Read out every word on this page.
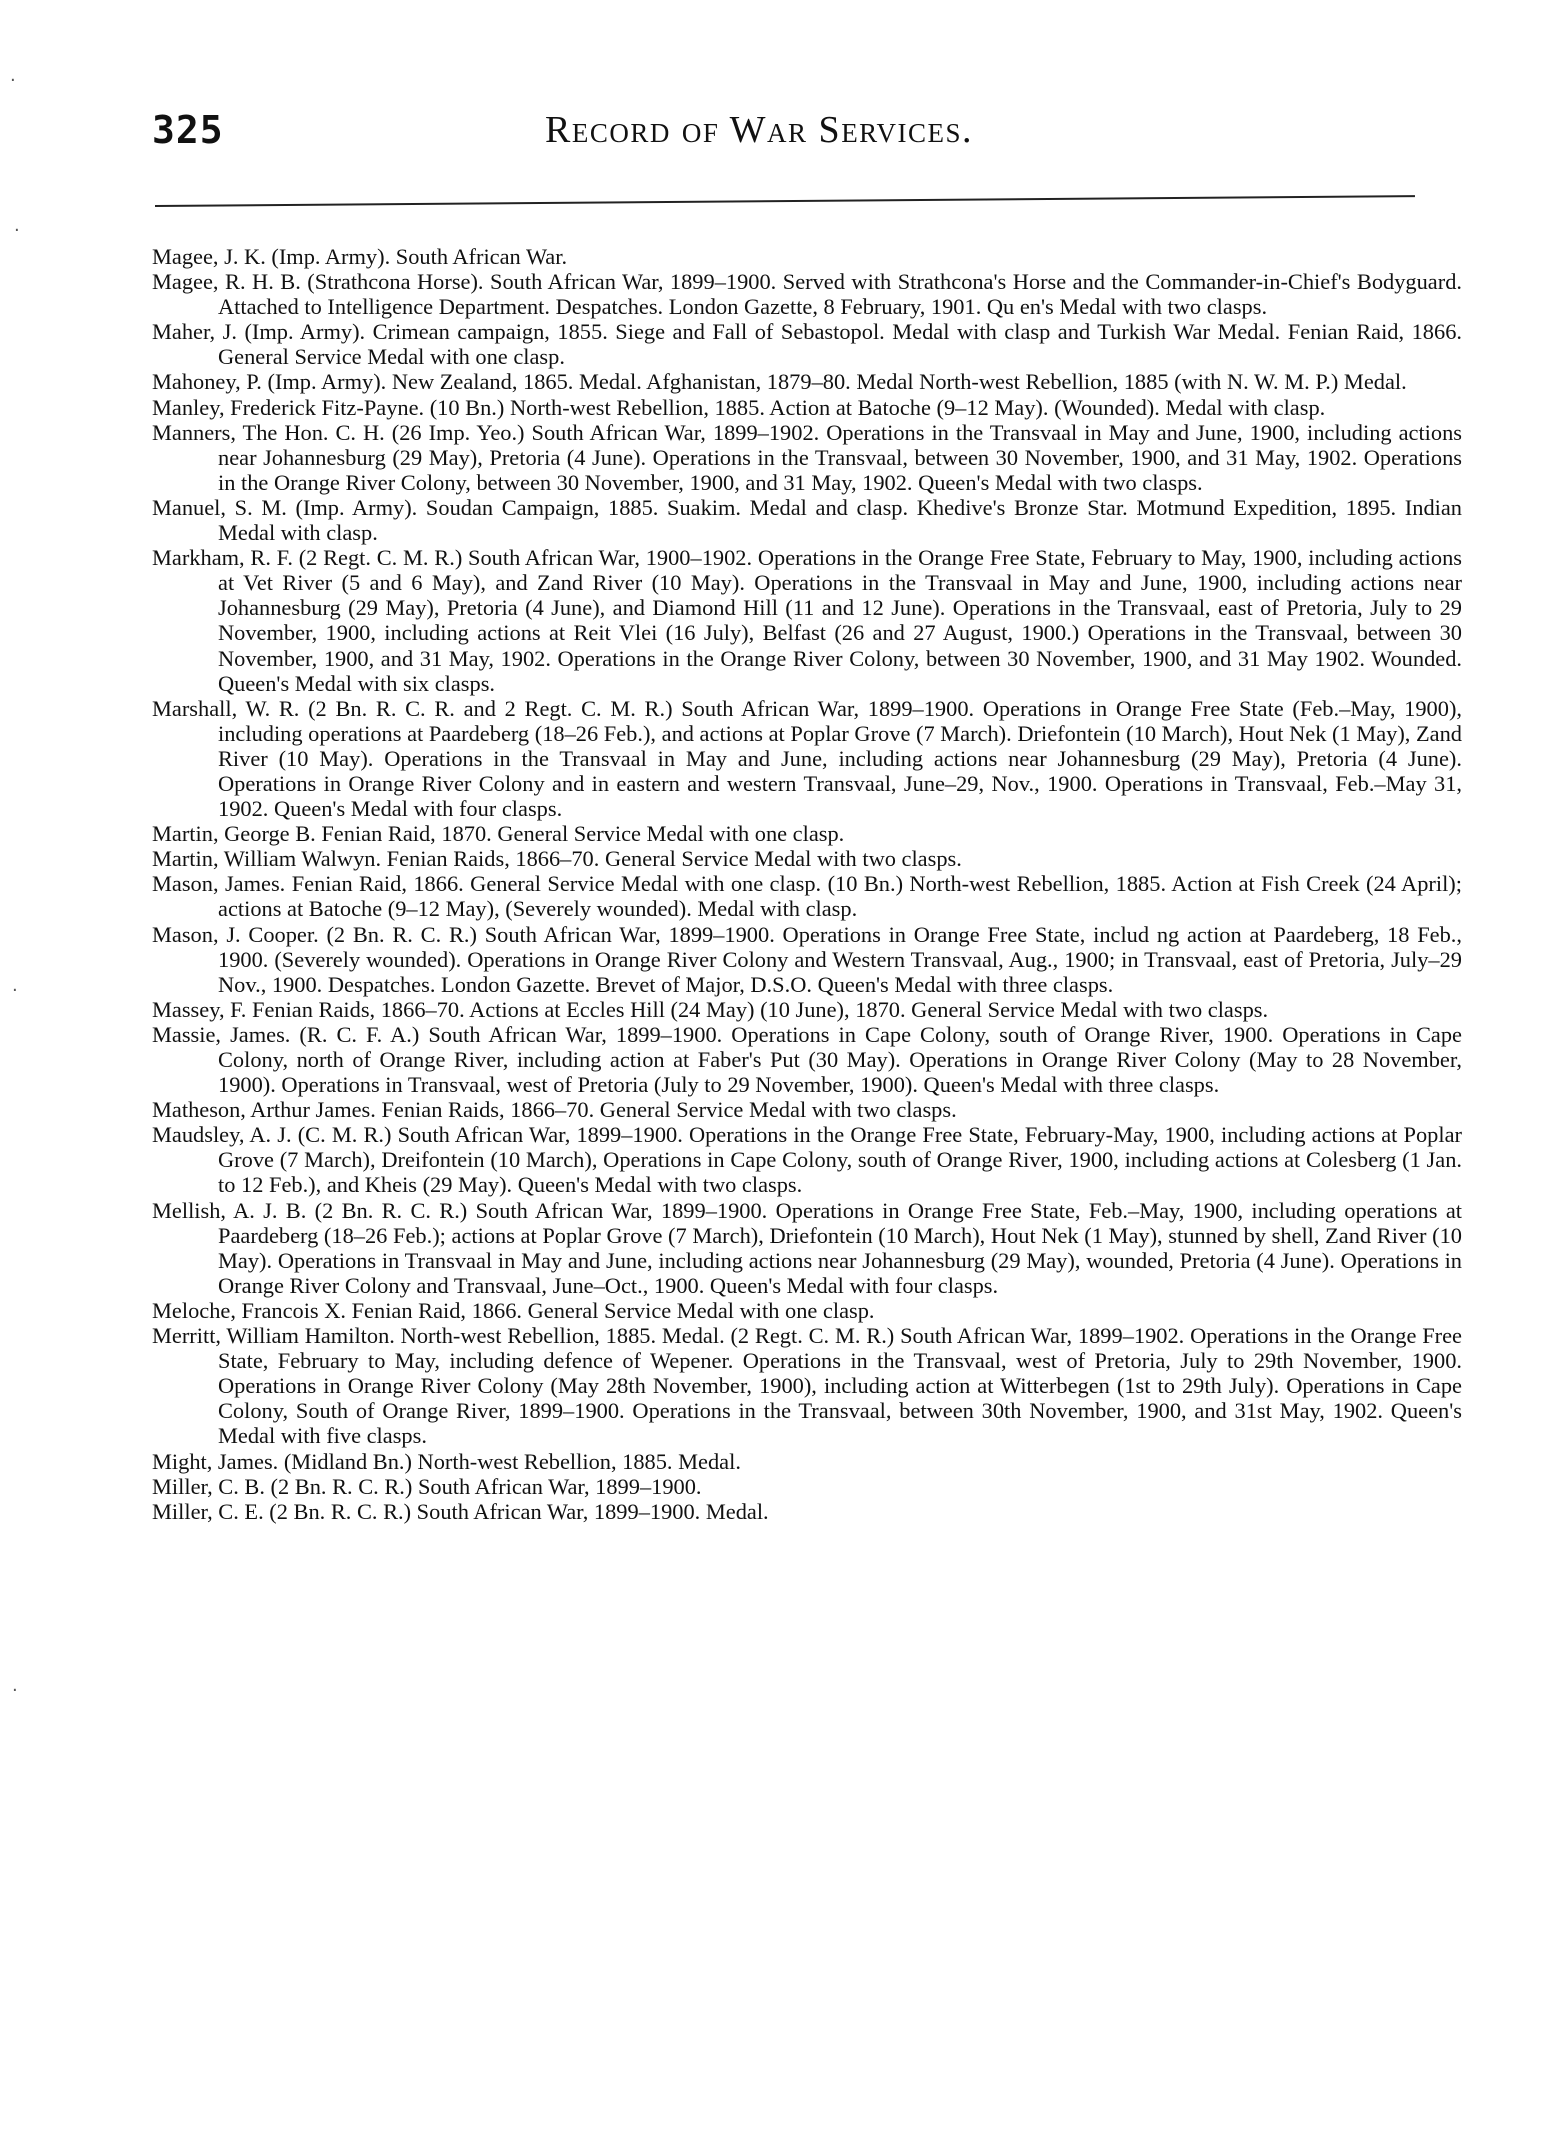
325	Record of War Services.

Magee, J. K. (Imp. Army). South African War.

Magee, R. H. B. (Strathcona Horse). South African War, 1899–1900. Served with Strathcona's Horse and the Commander-in-Chief's Bodyguard. Attached to Intelligence Department. Despatches. London Gazette, 8 February, 1901. Qu en's Medal with two clasps.

Maher, J. (Imp. Army). Crimean campaign, 1855. Siege and Fall of Sebastopol. Medal with clasp and Turkish War Medal. Fenian Raid, 1866. General Service Medal with one clasp.

Mahoney, P. (Imp. Army). New Zealand, 1865. Medal. Afghanistan, 1879–80. Medal North-west Rebellion, 1885 (with N. W. M. P.) Medal.

Manley, Frederick Fitz-Payne. (10 Bn.) North-west Rebellion, 1885. Action at Batoche (9–12 May). (Wounded). Medal with clasp.

Manners, The Hon. C. H. (26 Imp. Yeo.) South African War, 1899–1902. Operations in the Transvaal in May and June, 1900, including actions near Johannesburg (29 May), Pretoria (4 June). Operations in the Transvaal, between 30 November, 1900, and 31 May, 1902. Operations in the Orange River Colony, between 30 November, 1900, and 31 May, 1902. Queen's Medal with two clasps.

Manuel, S. M. (Imp. Army). Soudan Campaign, 1885. Suakim. Medal and clasp. Khedive's Bronze Star. Motmund Expedition, 1895. Indian Medal with clasp.

Markham, R. F. (2 Regt. C. M. R.) South African War, 1900–1902. Operations in the Orange Free State, February to May, 1900, including actions at Vet River (5 and 6 May), and Zand River (10 May). Operations in the Transvaal in May and June, 1900, including actions near Johannesburg (29 May), Pretoria (4 June), and Diamond Hill (11 and 12 June). Operations in the Transvaal, east of Pretoria, July to 29 November, 1900, including actions at Reit Vlei (16 July), Belfast (26 and 27 August, 1900.) Operations in the Transvaal, between 30 November, 1900, and 31 May, 1902. Operations in the Orange River Colony, between 30 November, 1900, and 31 May 1902. Wounded. Queen's Medal with six clasps.

Marshall, W. R. (2 Bn. R. C. R. and 2 Regt. C. M. R.) South African War, 1899–1900. Operations in Orange Free State (Feb.–May, 1900), including operations at Paardeberg (18–26 Feb.), and actions at Poplar Grove (7 March). Driefontein (10 March), Hout Nek (1 May), Zand River (10 May). Operations in the Transvaal in May and June, including actions near Johannesburg (29 May), Pretoria (4 June). Operations in Orange River Colony and in eastern and western Transvaal, June–29, Nov., 1900. Operations in Transvaal, Feb.–May 31, 1902. Queen's Medal with four clasps.

Martin, George B. Fenian Raid, 1870. General Service Medal with one clasp.

Martin, William Walwyn. Fenian Raids, 1866–70. General Service Medal with two clasps.

Mason, James. Fenian Raid, 1866. General Service Medal with one clasp. (10 Bn.) North-west Rebellion, 1885. Action at Fish Creek (24 April); actions at Batoche (9–12 May), (Severely wounded). Medal with clasp.

Mason, J. Cooper. (2 Bn. R. C. R.) South African War, 1899–1900. Operations in Orange Free State, includ ng action at Paardeberg, 18 Feb., 1900. (Severely wounded). Operations in Orange River Colony and Western Transvaal, Aug., 1900; in Transvaal, east of Pretoria, July–29 Nov., 1900. Despatches. London Gazette. Brevet of Major, D.S.O. Queen's Medal with three clasps.

Massey, F. Fenian Raids, 1866–70. Actions at Eccles Hill (24 May) (10 June), 1870. General Service Medal with two clasps.

Massie, James. (R. C. F. A.) South African War, 1899–1900. Operations in Cape Colony, south of Orange River, 1900. Operations in Cape Colony, north of Orange River, including action at Faber's Put (30 May). Operations in Orange River Colony (May to 28 November, 1900). Operations in Transvaal, west of Pretoria (July to 29 November, 1900). Queen's Medal with three clasps.

Matheson, Arthur James. Fenian Raids, 1866–70. General Service Medal with two clasps.

Maudsley, A. J. (C. M. R.) South African War, 1899–1900. Operations in the Orange Free State, February-May, 1900, including actions at Poplar Grove (7 March), Dreifontein (10 March), Operations in Cape Colony, south of Orange River, 1900, including actions at Colesberg (1 Jan. to 12 Feb.), and Kheis (29 May). Queen's Medal with two clasps.

Mellish, A. J. B. (2 Bn. R. C. R.) South African War, 1899–1900. Operations in Orange Free State, Feb.–May, 1900, including operations at Paardeberg (18–26 Feb.); actions at Poplar Grove (7 March), Driefontein (10 March), Hout Nek (1 May), stunned by shell, Zand River (10 May). Operations in Transvaal in May and June, including actions near Johannesburg (29 May), wounded, Pretoria (4 June). Operations in Orange River Colony and Transvaal, June–Oct., 1900. Queen's Medal with four clasps.

Meloche, Francois X. Fenian Raid, 1866. General Service Medal with one clasp.

Merritt, William Hamilton. North-west Rebellion, 1885. Medal. (2 Regt. C. M. R.) South African War, 1899–1902. Operations in the Orange Free State, February to May, including defence of Wepener. Operations in the Transvaal, west of Pretoria, July to 29th November, 1900. Operations in Orange River Colony (May 28th November, 1900), including action at Witterbegen (1st to 29th July). Operations in Cape Colony, South of Orange River, 1899–1900. Operations in the Transvaal, between 30th November, 1900, and 31st May, 1902. Queen's Medal with five clasps.

Might, James. (Midland Bn.) North-west Rebellion, 1885. Medal.

Miller, C. B. (2 Bn. R. C. R.) South African War, 1899–1900.

Miller, C. E. (2 Bn. R. C. R.) South African War, 1899–1900. Medal.

·
·
·
·
